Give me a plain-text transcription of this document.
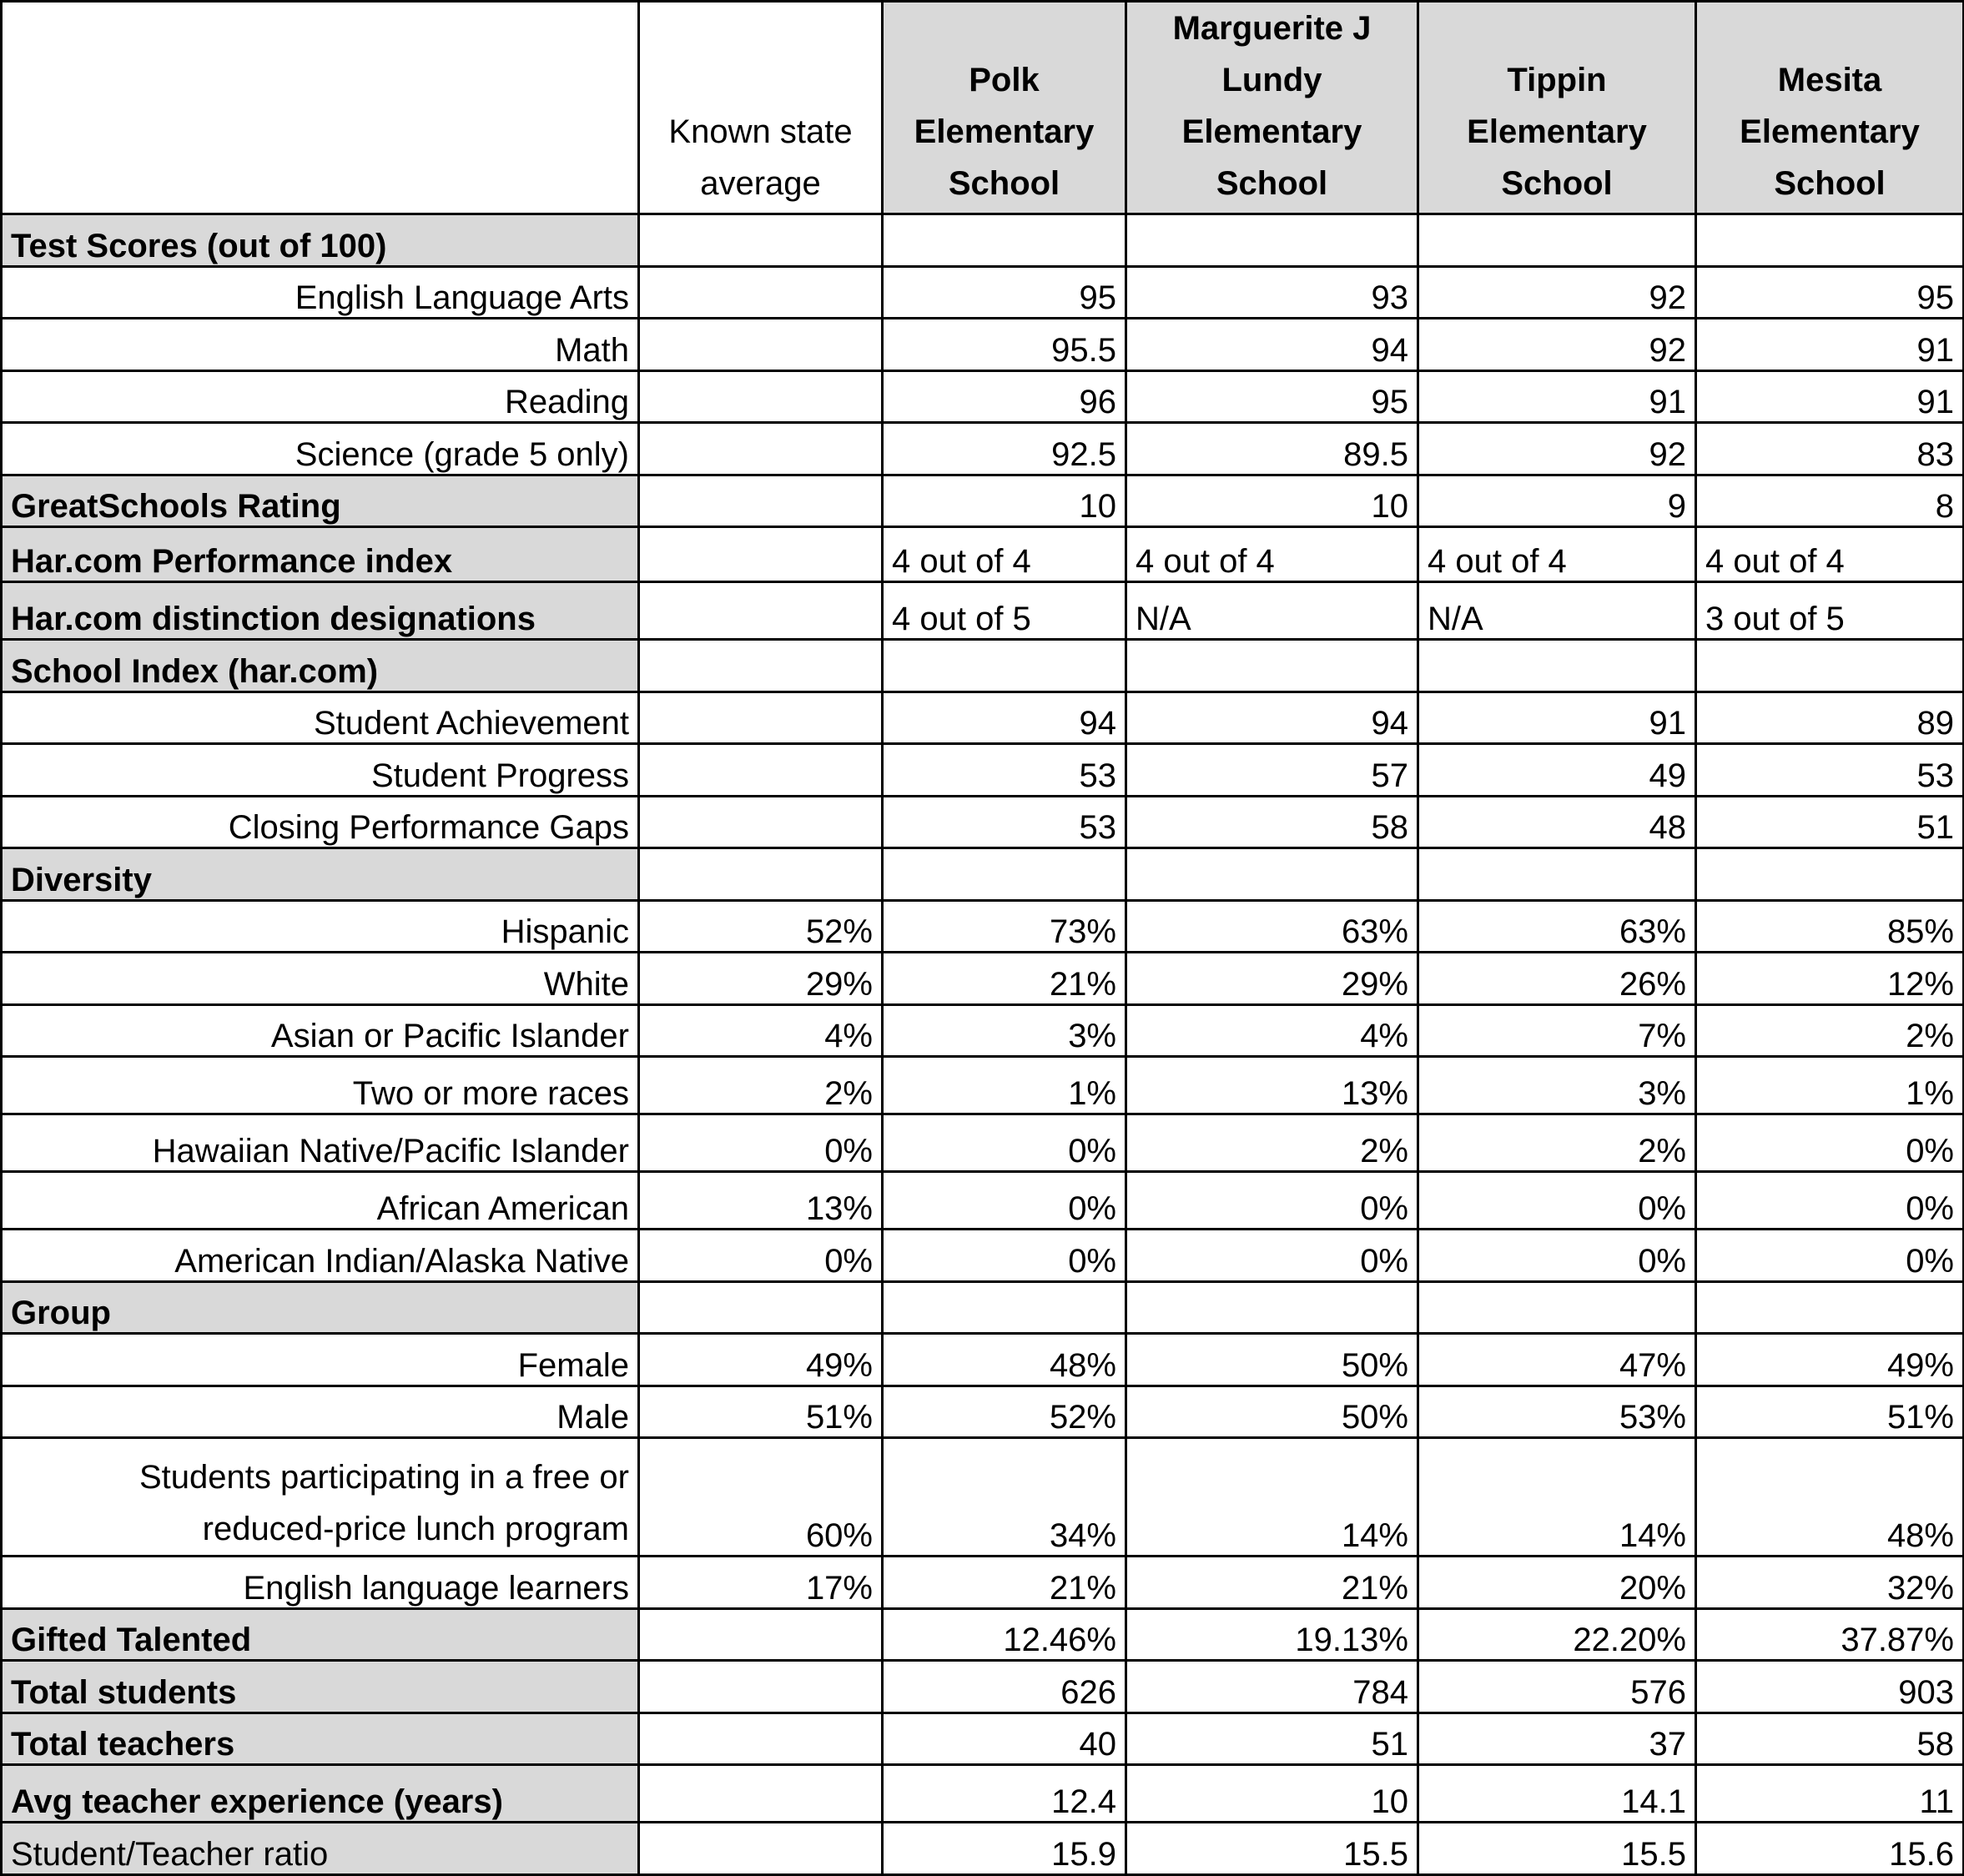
	Known state average	Polk Elementary School	Marguerite J Lundy Elementary School	Tippin Elementary School	Mesita Elementary School
Test Scores (out of 100)					
English Language Arts		95	93	92	95
Math		95.5	94	92	91
Reading		96	95	91	91
Science (grade 5 only)		92.5	89.5	92	83
GreatSchools Rating		10	10	9	8
Har.com Performance index		4 out of 4	4 out of 4	4 out of 4	4 out of 4
Har.com distinction designations		4 out of 5	N/A	N/A	3 out of 5
School Index (har.com)					
Student Achievement		94	94	91	89
Student Progress		53	57	49	53
Closing Performance Gaps		53	58	48	51
Diversity					
Hispanic	52%	73%	63%	63%	85%
White	29%	21%	29%	26%	12%
Asian or Pacific Islander	4%	3%	4%	7%	2%
Two or more races	2%	1%	13%	3%	1%
Hawaiian Native/Pacific Islander	0%	0%	2%	2%	0%
African American	13%	0%	0%	0%	0%
American Indian/Alaska Native	0%	0%	0%	0%	0%
Group					
Female	49%	48%	50%	47%	49%
Male	51%	52%	50%	53%	51%
Students participating in a free or reduced-price lunch program	60%	34%	14%	14%	48%
English language learners	17%	21%	21%	20%	32%
Gifted Talented		12.46%	19.13%	22.20%	37.87%
Total students		626	784	576	903
Total teachers		40	51	37	58
Avg teacher experience (years)		12.4	10	14.1	11
Student/Teacher ratio		15.9	15.5	15.5	15.6
